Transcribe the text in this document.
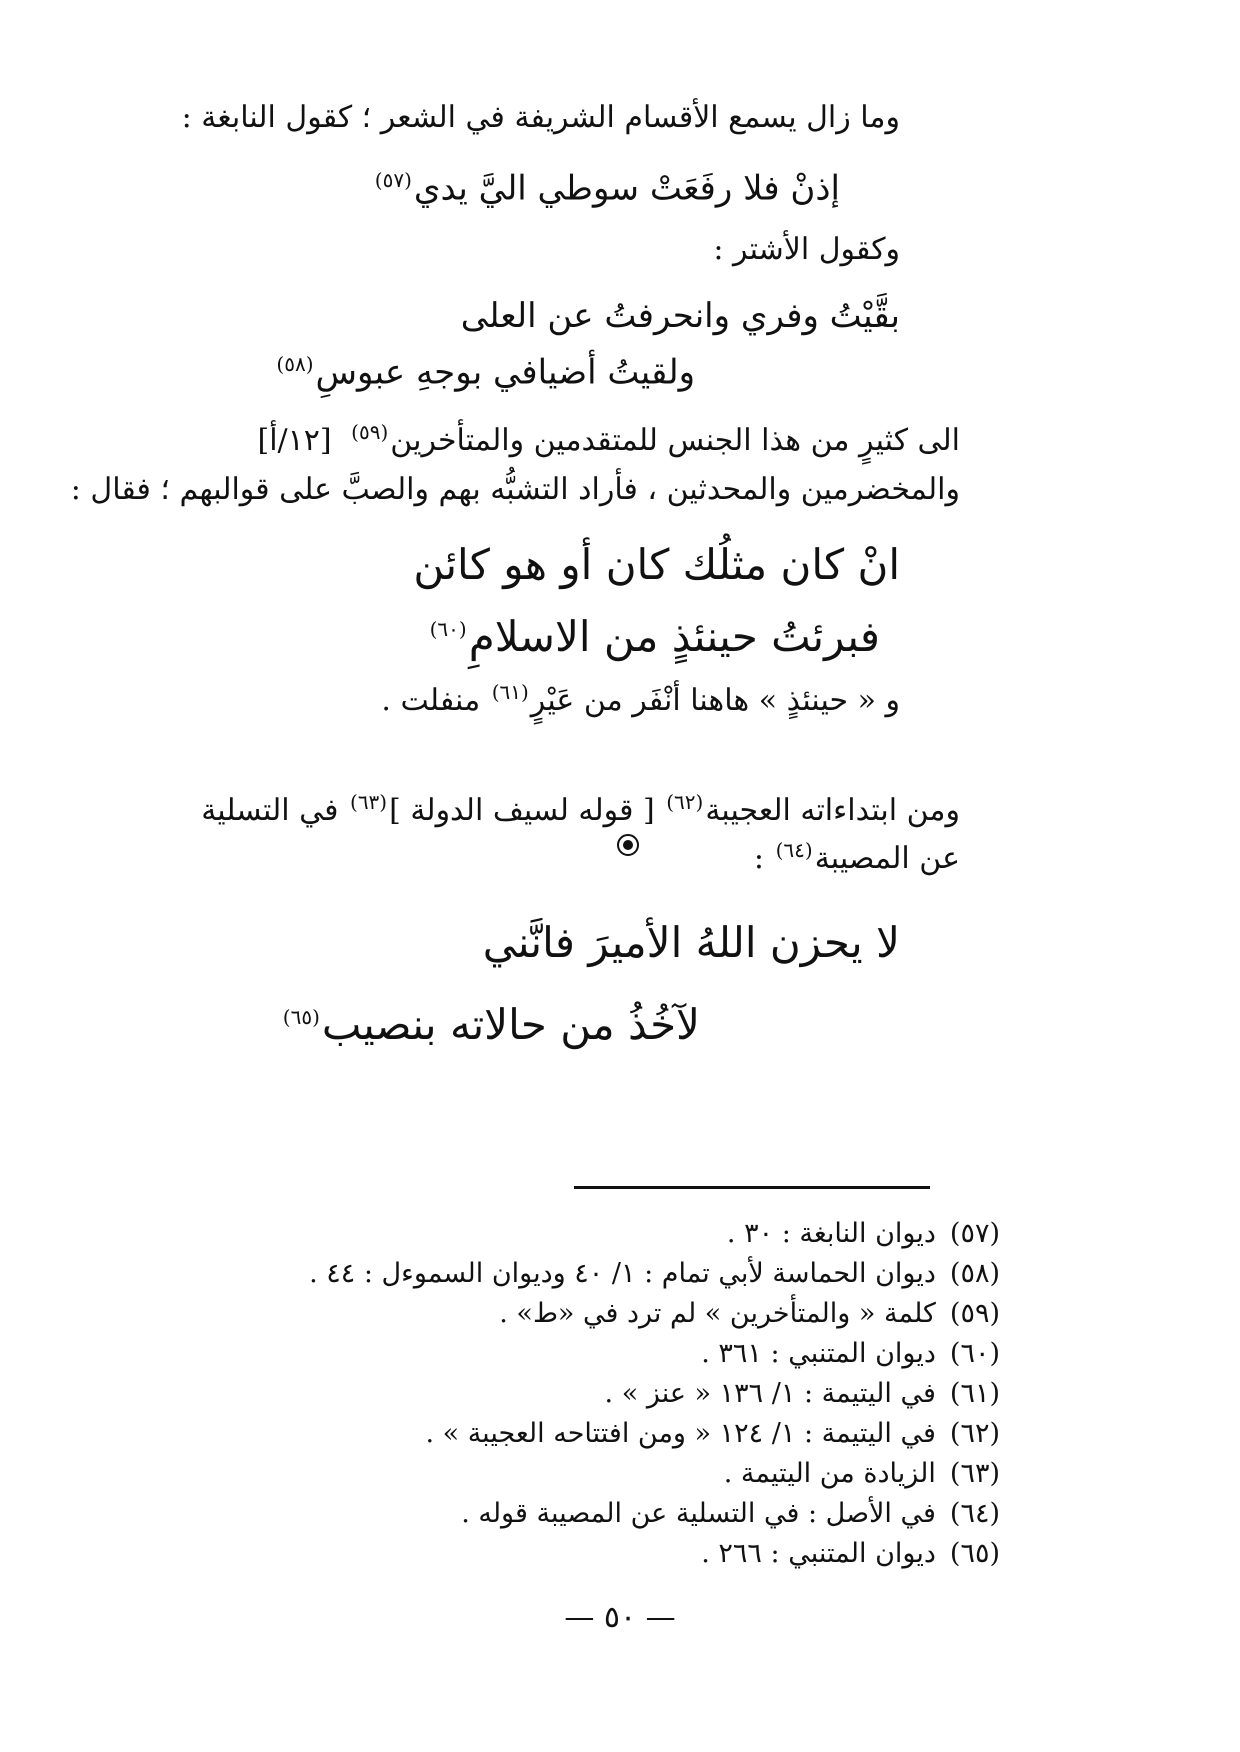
وما زال يسمع الأقسام الشريفة في الشعر ؛ كقول النابغة :
إذنْ فلا رفَعَتْ سوطي اليَّ يدي$^{(٥٧)}$
وكقول الأشتر :
بقَّيْتُ وفري وانحرفتُ عن العلى
ولقيتُ أضيافي بوجهِ عبوسِ$^{(٥٨)}$
الى كثيرٍ من هذا الجنس للمتقدمين والمتأخرين$^{(٥٩)}$ [١٢/أ]
والمخضرمين والمحدثين ، فأراد التشبُّه بهم والصبَّ على قوالبهم ؛ فقال :
انْ كان مثلُك كان أو هو كائن
فبرئتُ حينئذٍ من الاسلامِ$^{(٦٠)}$
و « حينئذٍ » هاهنا أنْفَر من عَيْرٍ$^{(٦١)}$ منفلت .
ومن ابتداءاته العجيبة$^{(٦٢)}$ [ قوله لسيف الدولة ]$^{(٦٣)}$ في التسلية
عن المصيبة$^{(٦٤)}$ :
لا يحزن اللهُ الأميرَ فانَّني
لآخُذُ من حالاته بنصيب$^{(٦٥)}$
(٥٧)ديوان النابغة : ٣٠ .
(٥٨)ديوان الحماسة لأبي تمام : ١/ ٤٠ وديوان السموءل : ٤٤ .
(٥٩)كلمة « والمتأخرين » لم ترد في «ط» .
(٦٠)ديوان المتنبي : ٣٦١ .
(٦١)في اليتيمة : ١/ ١٣٦ « عنز » .
(٦٢)في اليتيمة : ١/ ١٢٤ « ومن افتتاحه العجيبة » .
(٦٣)الزيادة من اليتيمة .
(٦٤)في الأصل : في التسلية عن المصيبة قوله .
(٦٥)ديوان المتنبي : ٢٦٦ .
— ٥٠ —
